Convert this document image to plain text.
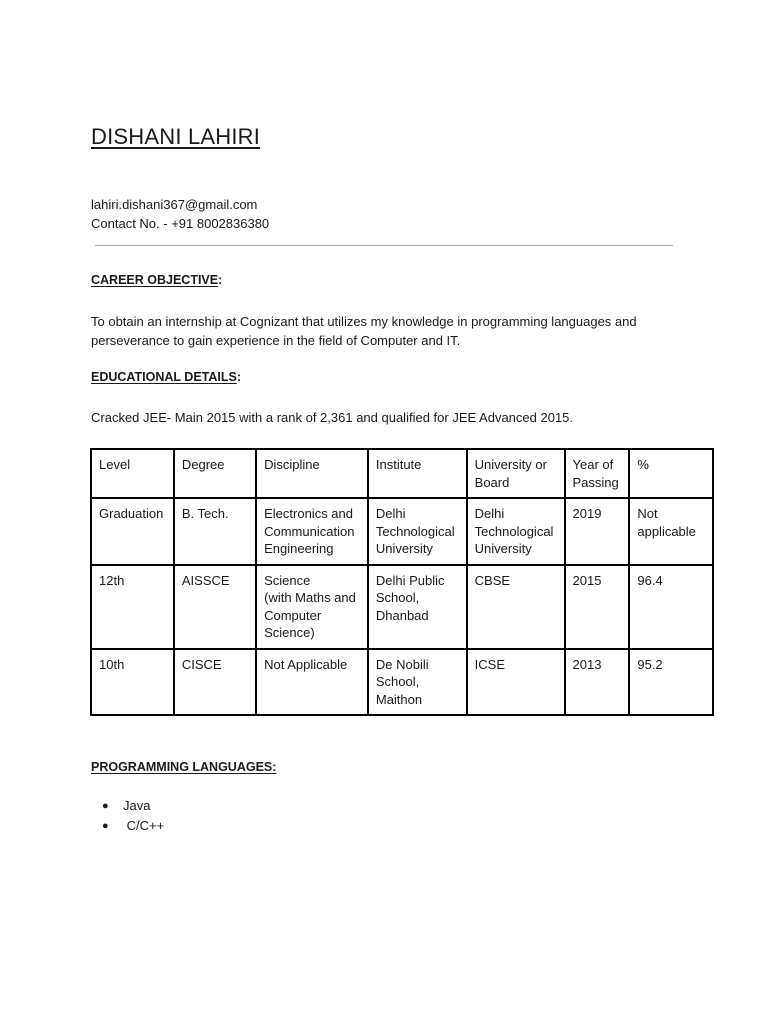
DISHANI LAHIRI
lahiri.dishani367@gmail.com
Contact No. - +91 8002836380
CAREER OBJECTIVE:

To obtain an internship at Cognizant that utilizes my knowledge in programming languages and perseverance to gain experience in the field of Computer and IT.

EDUCATIONAL DETAILS:

Cracked JEE- Main 2015 with a rank of 2,361 and qualified for JEE Advanced 2015.

Level	Degree	Discipline	Institute	University or
Board	Year of
Passing	%

Graduation	B. Tech.	Electronics and
Communication
Engineering	Delhi
Technological
University	Delhi
Technological
University	2019	Not
applicable

12th	AISSCE	Science
(with Maths and
Computer
Science)	Delhi Public
School,
Dhanbad	CBSE	2015	96.4

10th	CISCE	Not Applicable	De Nobili
School,
Maithon	ICSE	2013	95.2
PROGRAMMING LANGUAGES:
● Java
● C/C++
